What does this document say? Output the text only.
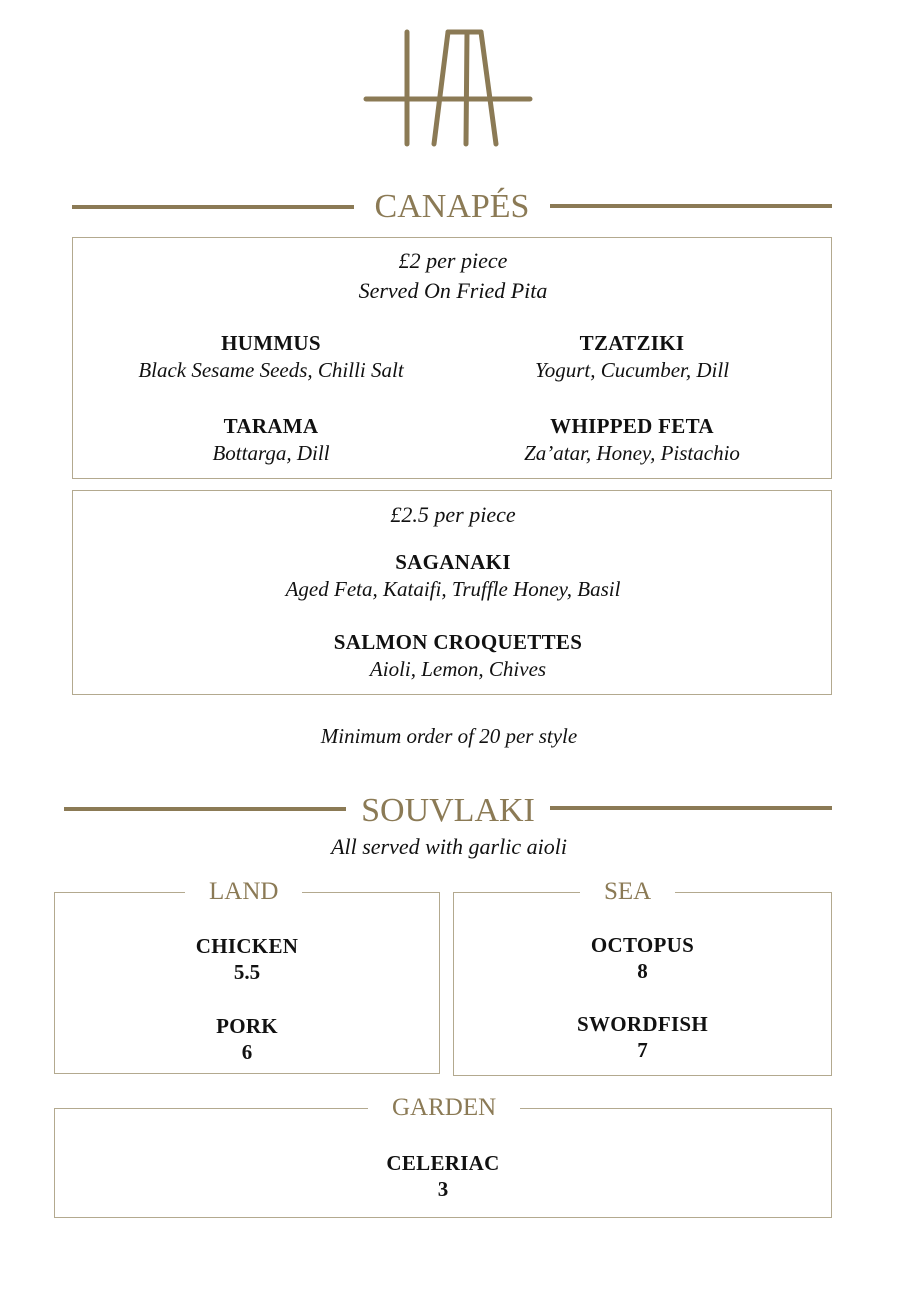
CANAPÉS
£2 per piece
Served On Fried Pita
HUMMUS
Black Sesame Seeds, Chilli Salt
TZATZIKI
Yogurt, Cucumber, Dill
TARAMA
Bottarga, Dill
WHIPPED FETA
Za’atar, Honey, Pistachio
£2.5 per piece
SAGANAKI
Aged Feta, Kataifi, Truffle Honey, Basil
SALMON CROQUETTES
Aioli, Lemon, Chives
Minimum order of 20 per style
SOUVLAKI
All served with garlic aioli
LAND
CHICKEN
5.5
PORK
6
SEA
OCTOPUS
8
SWORDFISH
7
GARDEN
CELERIAC
3
